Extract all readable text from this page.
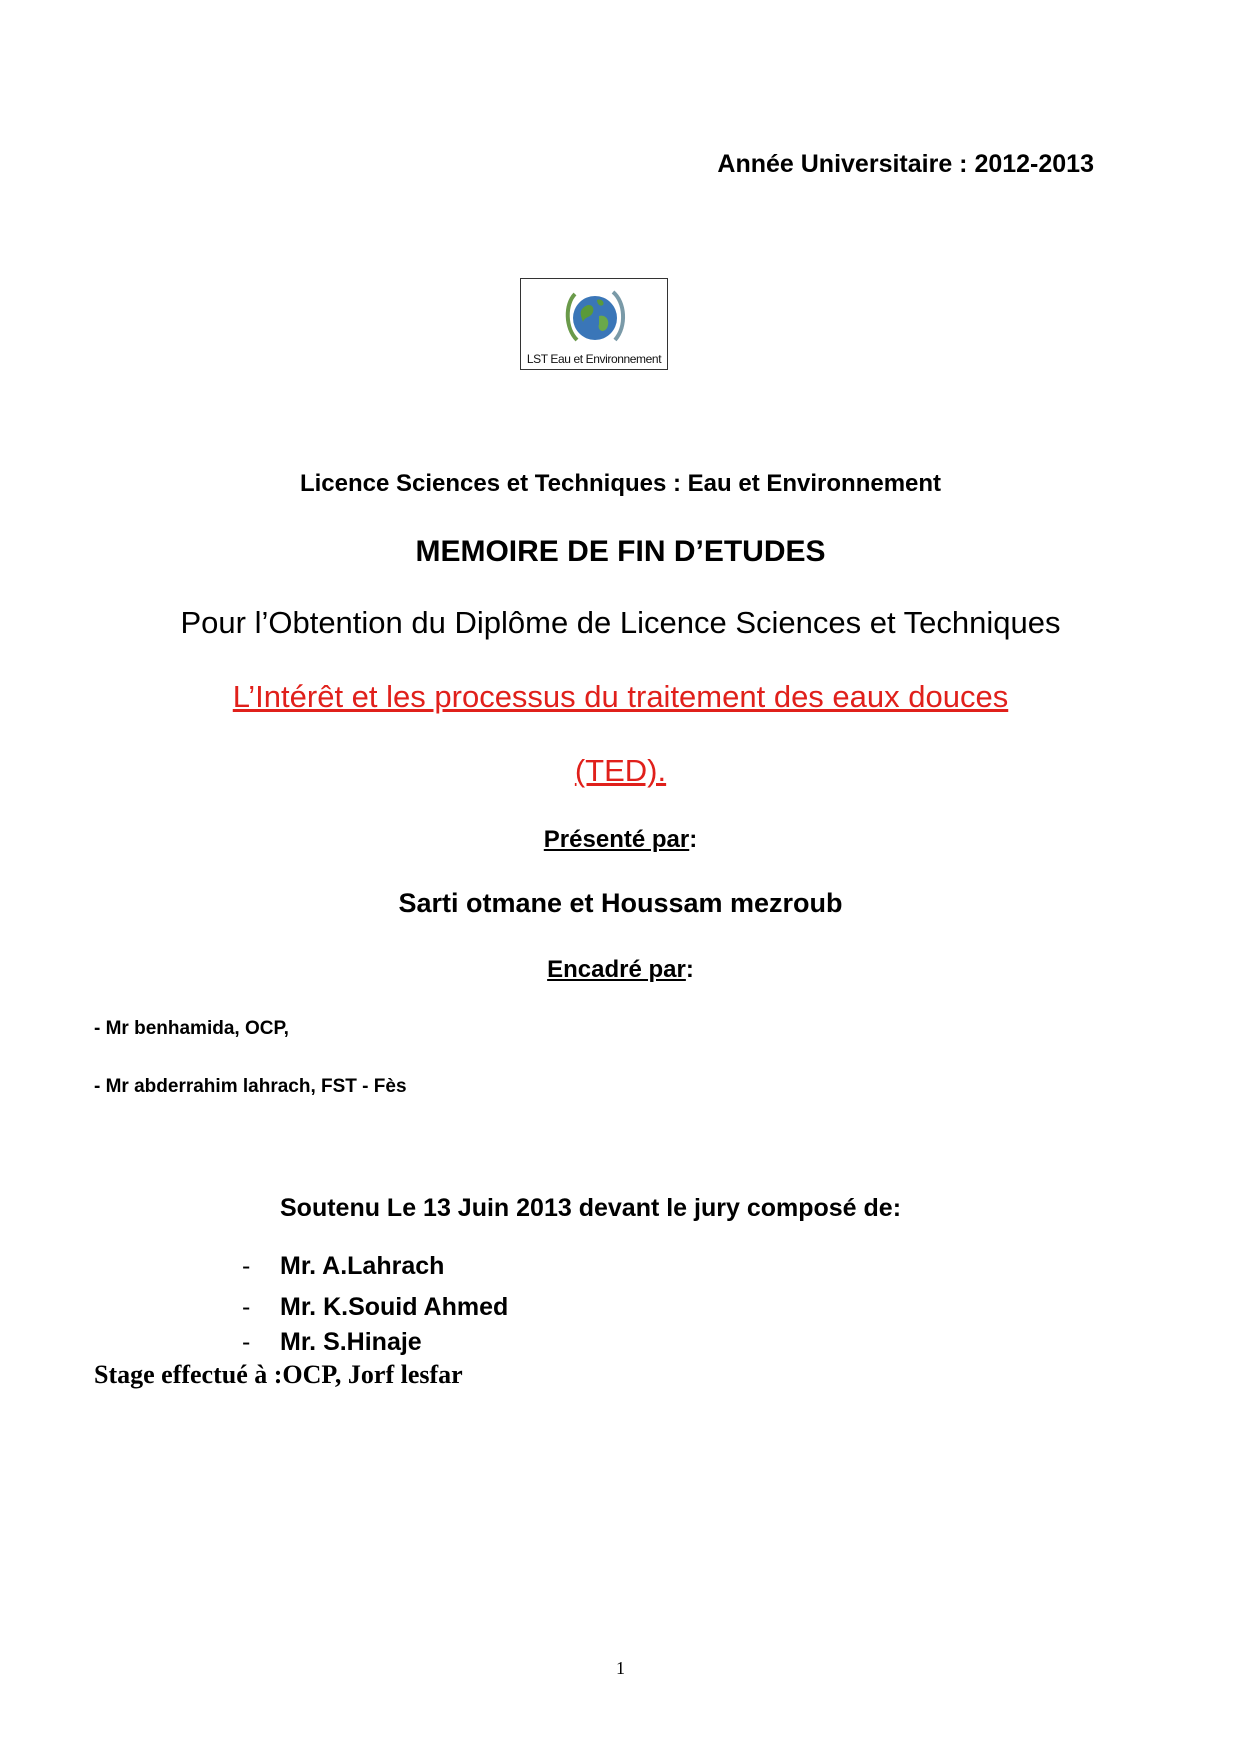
Année Universitaire : 2012-2013
LST Eau et Environnement
Licence Sciences et Techniques : Eau et Environnement
MEMOIRE DE FIN D’ETUDES
Pour l’Obtention du Diplôme de Licence Sciences et Techniques
L’Intérêt et les processus du traitement des eaux douces
(TED).
Présenté par:
Sarti otmane et Houssam mezroub
Encadré par:
- Mr benhamida, OCP,
- Mr abderrahim lahrach, FST - Fès
Soutenu Le 13 Juin 2013 devant le jury composé de:
- Mr. A.Lahrach
- Mr. K.Souid Ahmed
- Mr. S.Hinaje
Stage effectué à :OCP, Jorf lesfar
1
